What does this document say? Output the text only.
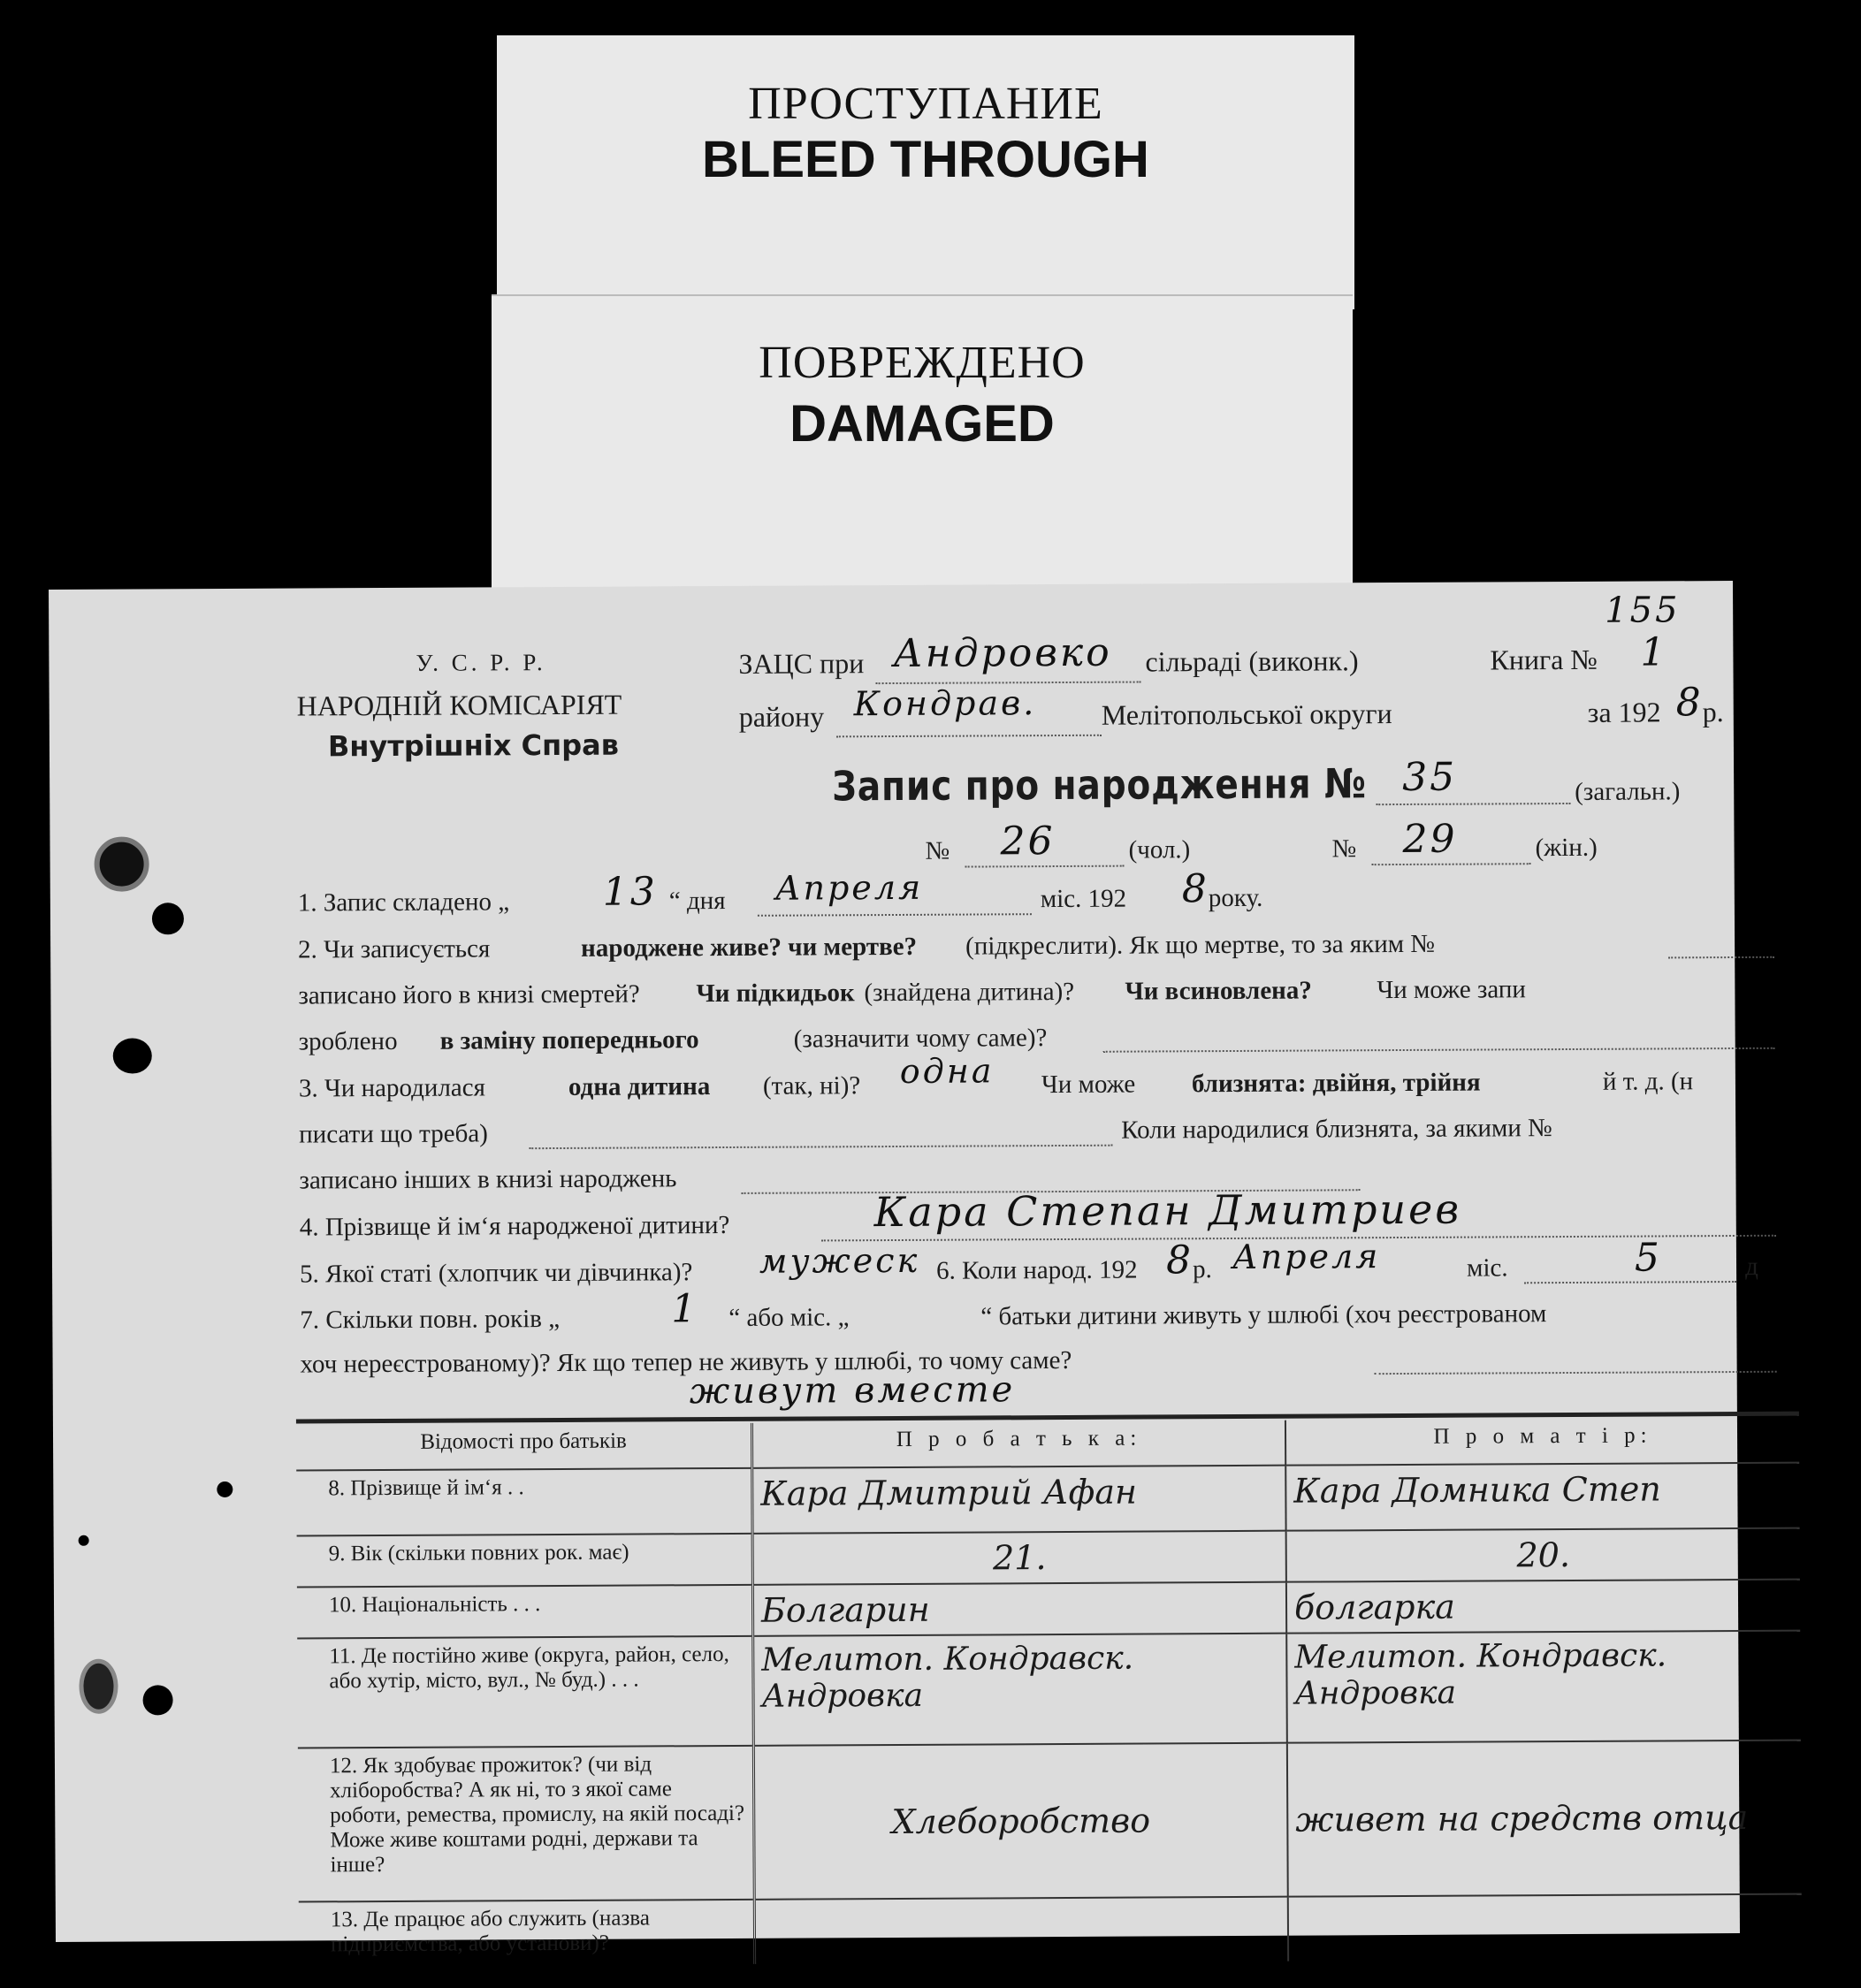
ПРОСТУПАНИЕ
BLEED THROUGH
ПОВРЕЖДЕНО
DAMAGED
У. С. Р. Р.
НАРОДНІЙ КОМІСАРІЯТ
Внутрішніх Справ
ЗАЦС при Андровко сільраді (виконк.)	Книга № 1
155
району Кондрав. Мелітопольської округи	за 192 8
р.
Запис про народження № 35	(загальн.)
№ 26	(чол.)	№ 29	(жін.)
1. Запис складено „ 13 “ дня Апреля	міс. 192 8
року.
2. Чи записується	народжене живе? чи мертве? (підкреслити). Як що мертве, то за яким №
записано його в книзі смертей? Чи підкидьок (знайдена дитина)? Чи всиновлена?	Чи може запи
зроблено в заміну попереднього	(зазначити чому саме)?
3. Чи народилася	одна дитина (так, ні)? одна Чи може близнята: двійня, трійня	й т. д. (н
писати що треба)	Коли народилися близнята, за якими №
записано інших в книзі народжень
4. Прізвище й ім‘я народженої дитини?	Кара Степан Дмитриев
5. Якої статі (хлопчик чи дівчинка)? мужеск 6. Коли народ. 192 8
р. Апреля	міс.	5	д
7. Скільки повн. років „	1 “ або міс. „	“ батьки дитини живуть у шлюбі (хоч реєстрованом
хоч нереєстрованому)? Як що тепер не живуть у шлюбі, то чому саме?
живут вместе
Відомості про батьків	П р о б а т ь к а:	П р о м а т і р:
8. Прізвище й ім‘я . .	Кара Дмитрий Афан	Кара Домника Степ
9. Вік (скільки повних рок. має)	21.	20.
10. Національність . . .	Болгарин	болгарка
11. Де постійно живе (округа, район, село, або хутір, місто, вул., № буд.) . . .	Мелитоп. Кондравск. Андровка	Мелитоп. Кондравск. Андровка
12. Як здобуває прожиток? (чи від хліборобства? А як ні, то з якої саме роботи, ремества, промислу, на якій посаді? Може живе коштами родні, держави та інше?	Хлеборобство	живет на средств отца
13. Де працює або служить (назва підприємства, або установи)?		
